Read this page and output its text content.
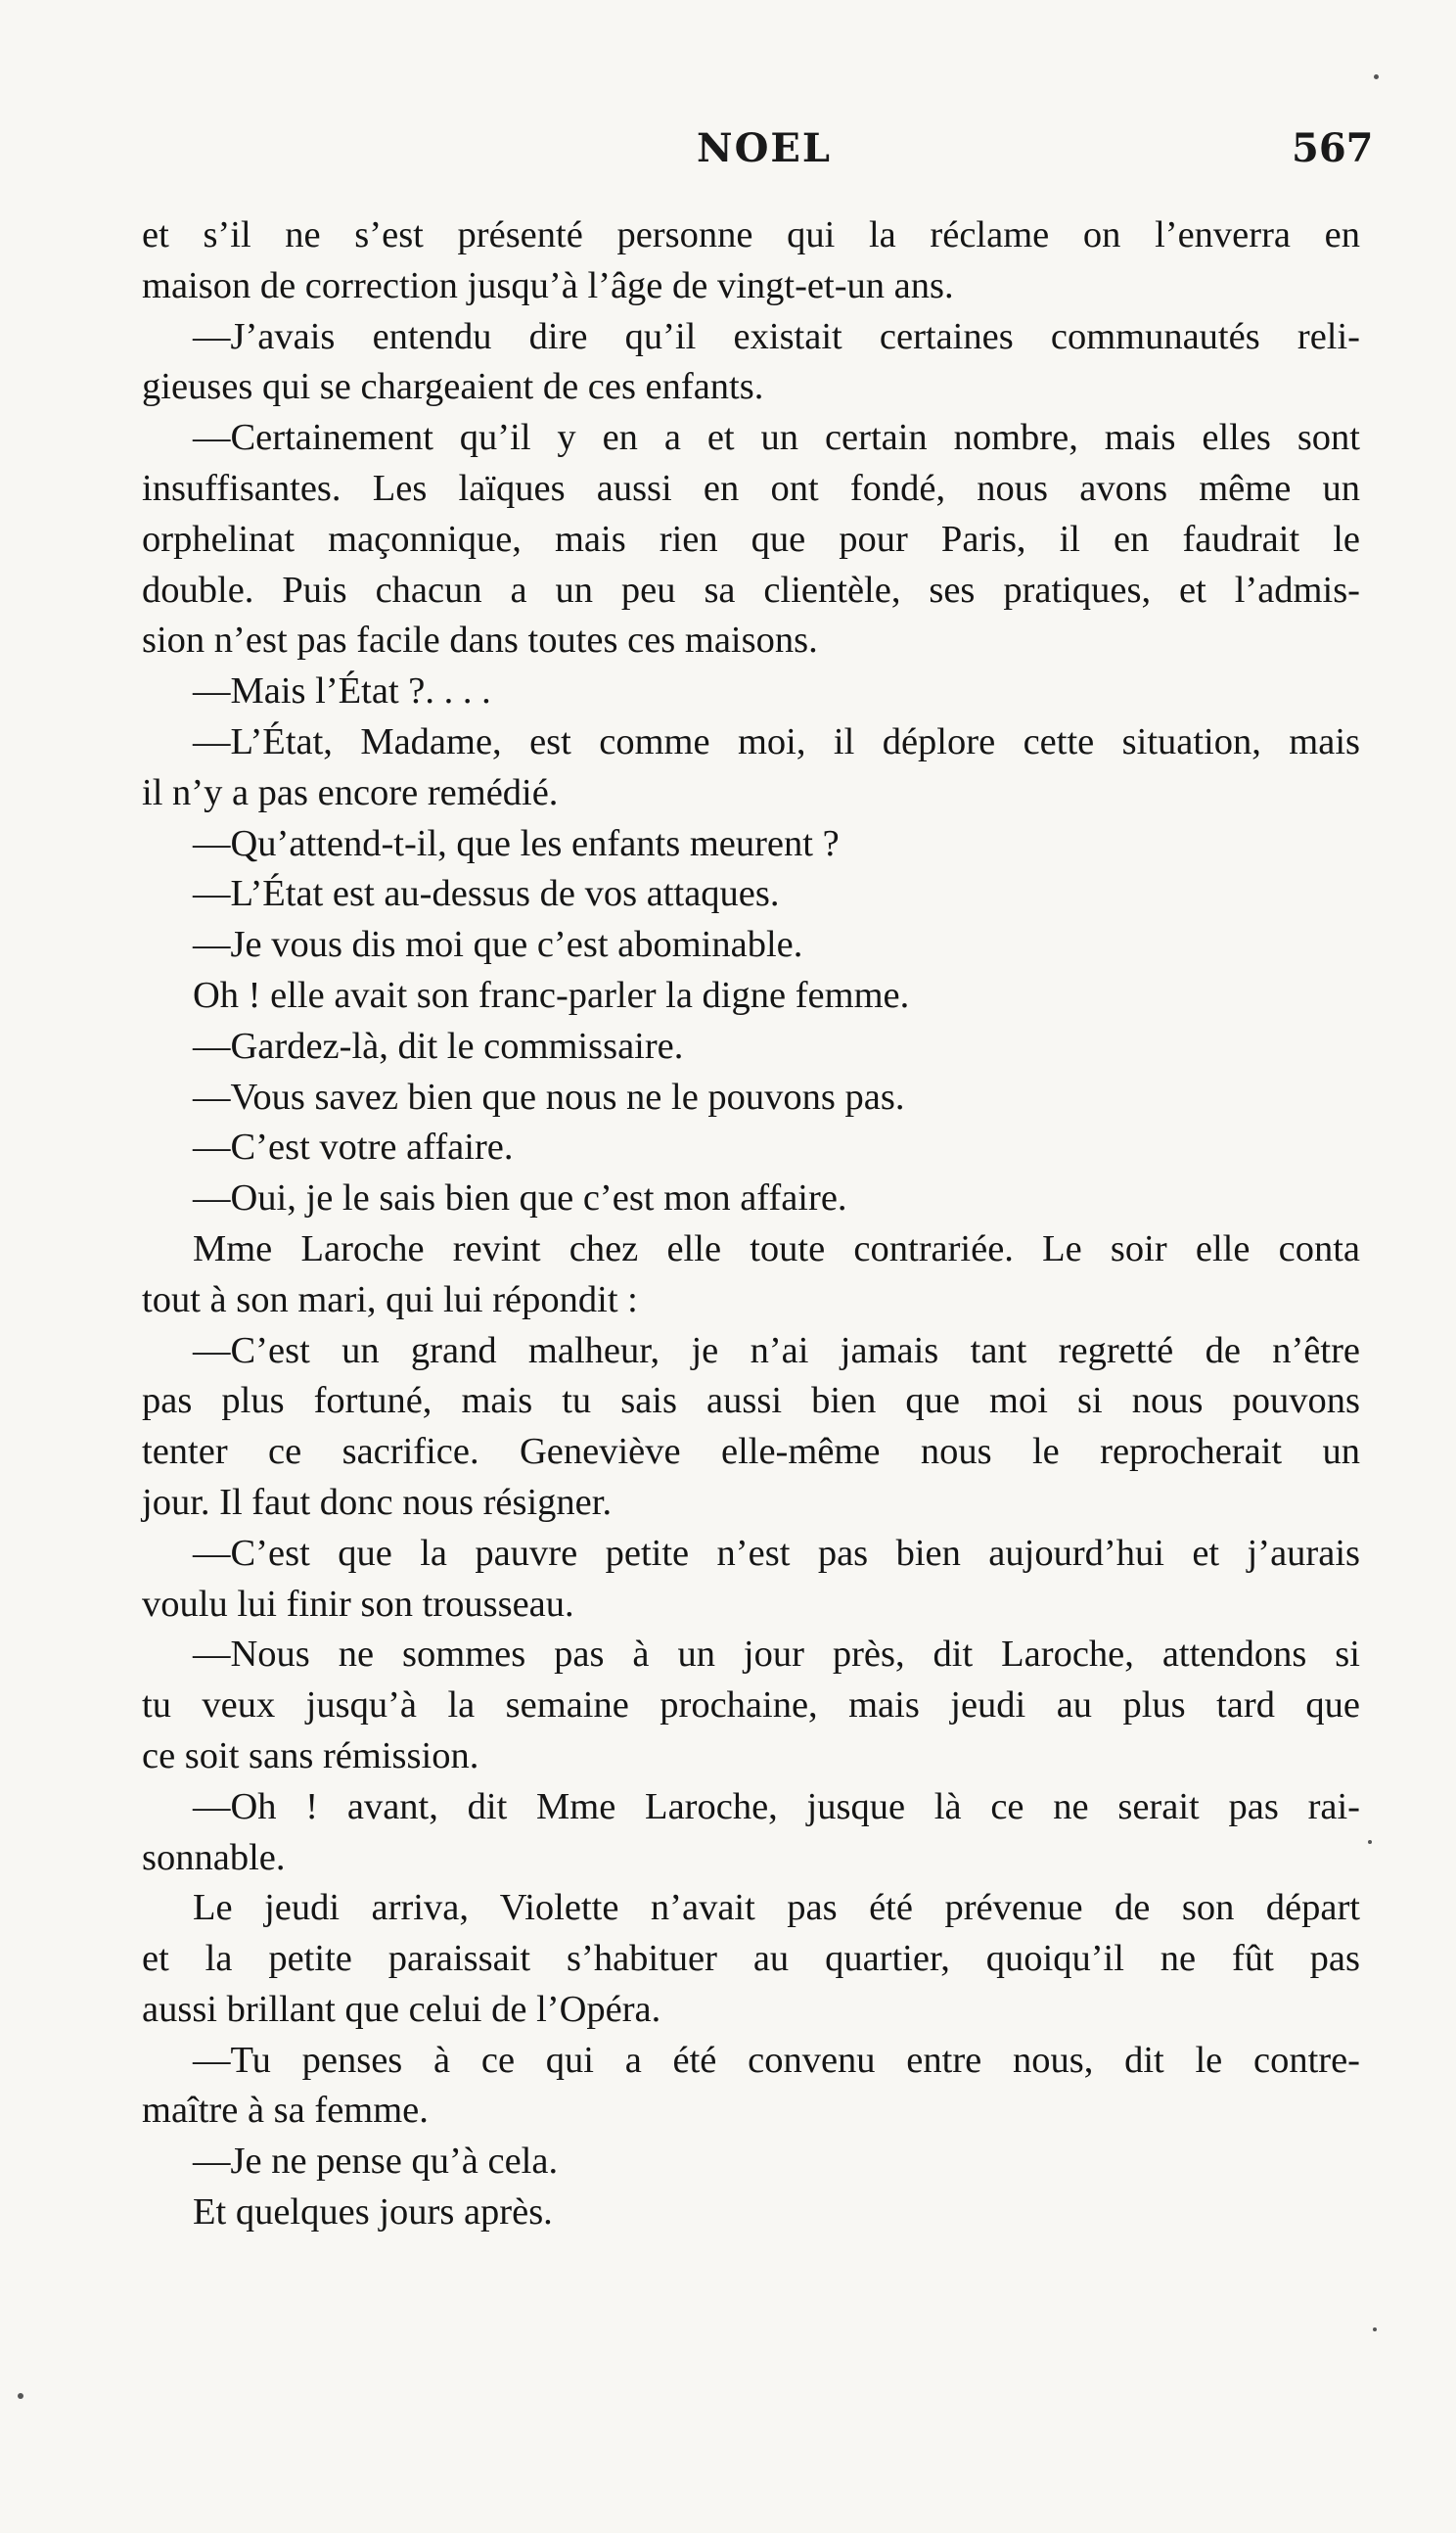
NOEL	567
et s’il ne s’est présenté personne qui la réclame on l’enverra en
maison de correction jusqu’à l’âge de vingt-et-un ans.
—J’avais entendu dire qu’il existait certaines communautés reli-
gieuses qui se chargeaient de ces enfants.
—Certainement qu’il y en a et un certain nombre, mais elles sont
insuffisantes. Les laïques aussi en ont fondé, nous avons même un
orphelinat maçonnique, mais rien que pour Paris, il en faudrait le
double. Puis chacun a un peu sa clientèle, ses pratiques, et l’admis-
sion n’est pas facile dans toutes ces maisons.
—Mais l’État ?. . . .
—L’État, Madame, est comme moi, il déplore cette situation, mais
il n’y a pas encore remédié.
—Qu’attend-t-il, que les enfants meurent ?
—L’État est au-dessus de vos attaques.
—Je vous dis moi que c’est abominable.
Oh ! elle avait son franc-parler la digne femme.
—Gardez-là, dit le commissaire.
—Vous savez bien que nous ne le pouvons pas.
—C’est votre affaire.
—Oui, je le sais bien que c’est mon affaire.
Mme Laroche revint chez elle toute contrariée. Le soir elle conta
tout à son mari, qui lui répondit :
—C’est un grand malheur, je n’ai jamais tant regretté de n’être
pas plus fortuné, mais tu sais aussi bien que moi si nous pouvons
tenter ce sacrifice. Geneviève elle-même nous le reprocherait un
jour. Il faut donc nous résigner.
—C’est que la pauvre petite n’est pas bien aujourd’hui et j’aurais
voulu lui finir son trousseau.
—Nous ne sommes pas à un jour près, dit Laroche, attendons si
tu veux jusqu’à la semaine prochaine, mais jeudi au plus tard que
ce soit sans rémission.
—Oh ! avant, dit Mme Laroche, jusque là ce ne serait pas rai-
sonnable.
Le jeudi arriva, Violette n’avait pas été prévenue de son départ
et la petite paraissait s’habituer au quartier, quoiqu’il ne fût pas
aussi brillant que celui de l’Opéra.
—Tu penses à ce qui a été convenu entre nous, dit le contre-
maître à sa femme.
—Je ne pense qu’à cela.
Et quelques jours après.
